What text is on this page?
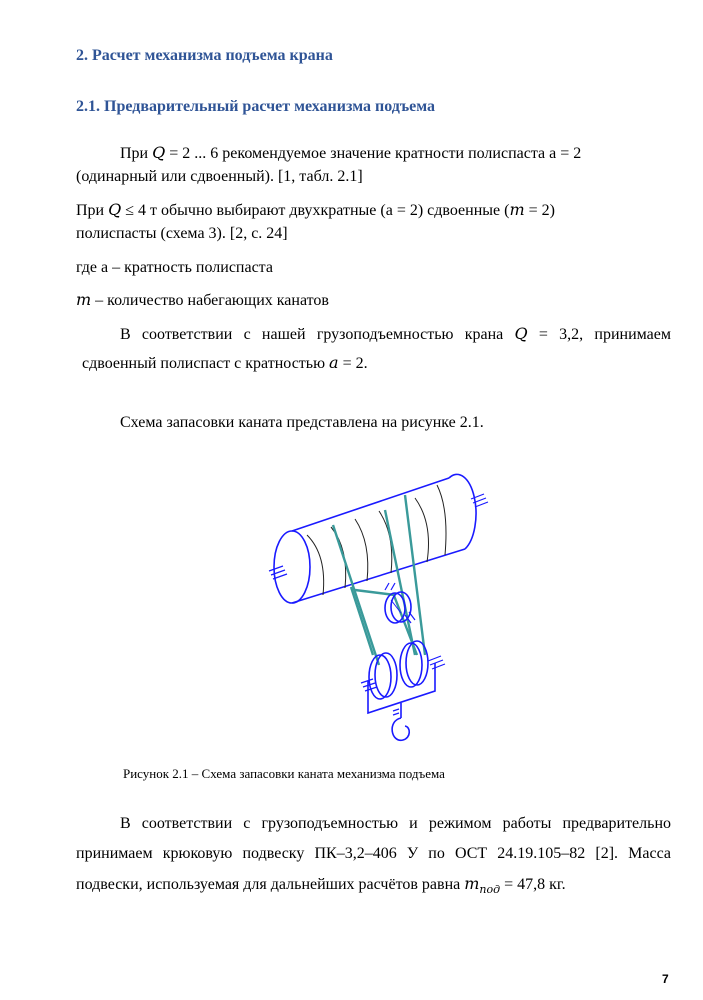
2. Расчет механизма подъема крана
2.1. Предварительный расчет механизма подъема

При Q = 2 ... 6 рекомендуемое значение кратности полиспаста a = 2

(одинарный или сдвоенный). [1, табл. 2.1]

При Q ≤ 4 т обычно выбирают двухкратные (a = 2) сдвоенные (m = 2)

полиспасты (схема 3). [2, с. 24]

где a – кратность полиспаста

m – количество набегающих канатов

В соответствии с нашей грузоподъемностью крана Q = 3,2, принимаем

сдвоенный полиспаст с кратностью a = 2.

Схема запасовки каната представлена на рисунке 2.1.

Рисунок 2.1 – Схема запасовки каната механизма подъема

В соответствии с грузоподъемностью и режимом работы предварительно

принимаем крюковую подвеску ПК–3,2–406 У по ОСТ 24.19.105–82 [2]. Масса

подвески, используемая для дальнейших расчётов равна $m_{под} = 47,8$ кг.

7
